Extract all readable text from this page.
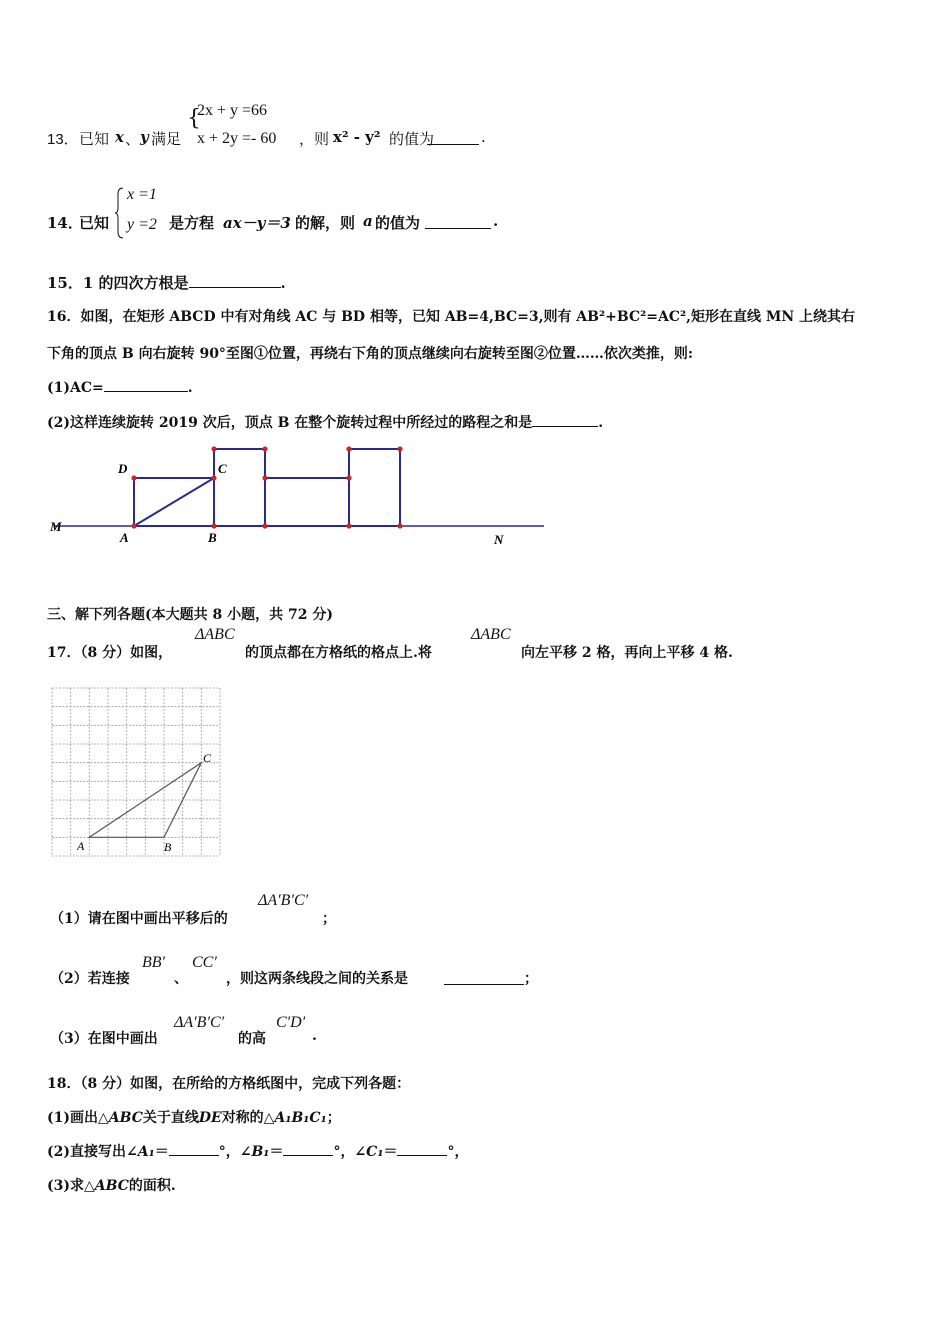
13． 已知 x 、 y 满足
{
2x + y =66
x + 2y =- 60 ，则 x² - y² 的值为	.
14．
已知
x =1
y =2 是方程 ax－y＝3 的解，则 a 的值为	.
15．1 的四次方根是	.
16．如图，在矩形 ABCD 中有对角线 AC 与 BD 相等，已知 AB=4,BC=3,则有 AB²+BC²=AC²,矩形在直线 MN 上绕其右
下角的顶点 B 向右旋转 90°至图①位置，再绕右下角的顶点继续向右旋转至图②位置……依次类推，则:
(1)AC=	.
(2)这样连续旋转 2019 次后，顶点 B 在整个旋转过程中所经过的路程之和是	.
D	C
M
A	B	N
三、解下列各题(本大题共 8 小题，共 72 分)
17．（8 分）如图，
ΔABC
的顶点都在方格纸的格点上.将
ΔABC
向左平移 2 格，再向上平移 4 格.
A	B
C
（1）请在图中画出平移后的
ΔA′B′C′
；
（2）若连接
BB′
、
CC′
，则这两条线段之间的关系是	；
（3）在图中画出
ΔA′B′C′
的高
C′D′
.
18．（8 分）如图，在所给的方格纸图中，完成下列各题：
(1)画出△ABC关于直线DE对称的△A₁B₁C₁；
(2)直接写出∠A₁＝	°，∠B₁＝	°，∠C₁＝	°，
(3)求△ABC的面积.
